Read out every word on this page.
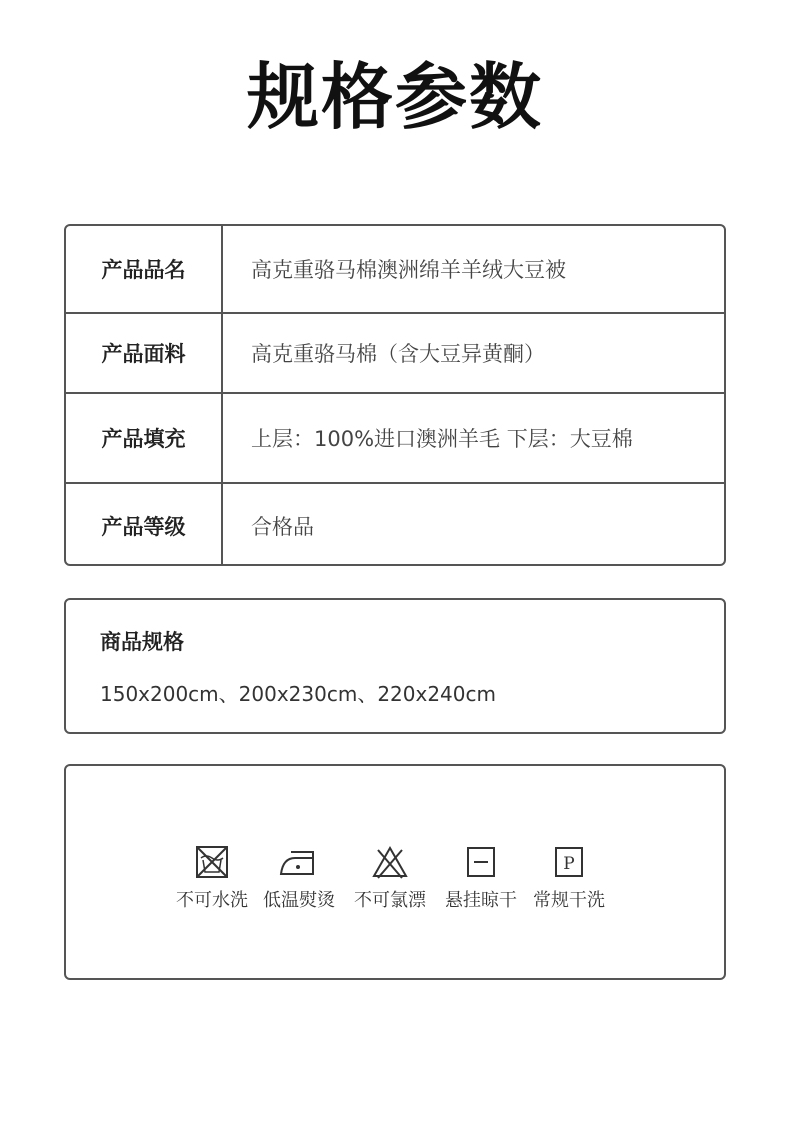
规格参数
产品品名	高克重骆马棉澳洲绵羊羊绒大豆被
产品面料	高克重骆马棉（含大豆异黄酮）
产品填充	上层：100%进口澳洲羊毛 下层：大豆棉
产品等级	合格品
商品规格
150x200cm、200x230cm、220x240cm
不可水洗 低温熨烫	不可氯漂	悬挂晾干
P
常规干洗
